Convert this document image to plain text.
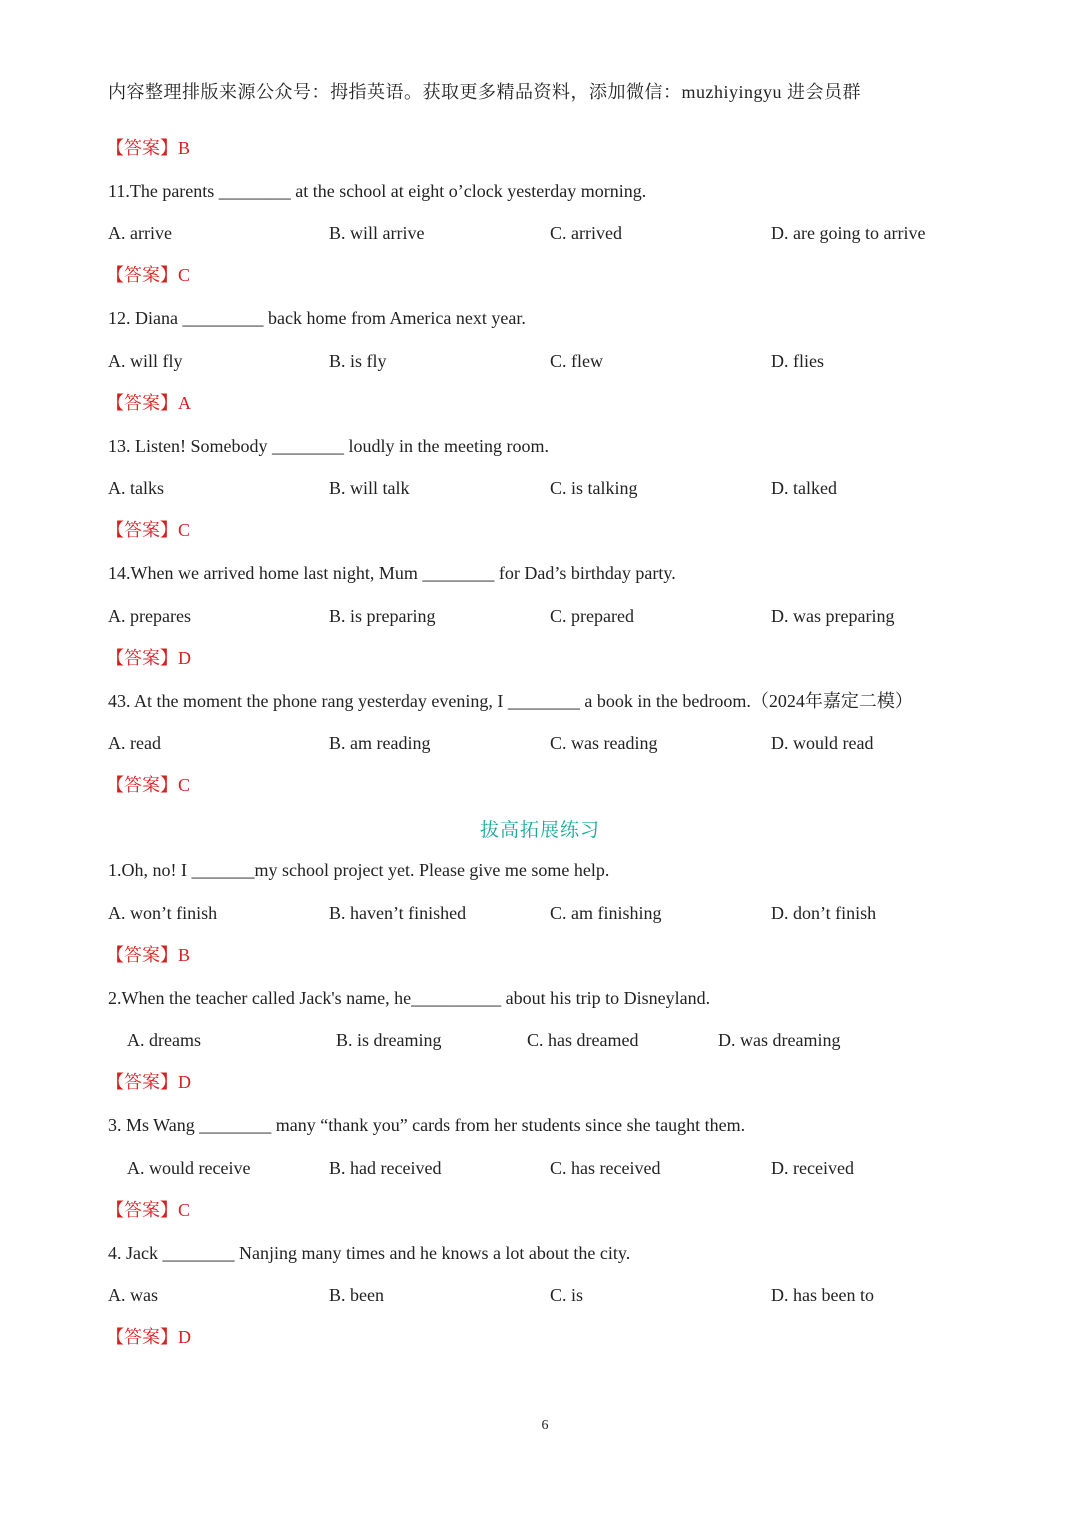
内容整理排版来源公众号：拇指英语。获取更多精品资料，添加微信：muzhiyingyu 进会员群
【答案】B
11.The parents ________ at the school at eight o’clock yesterday morning.
A. arrive	B. will arrive	C. arrived	D. are going to arrive
【答案】C
12. Diana _________ back home from America next year.
A. will fly	B. is fly	C. flew	D. flies
【答案】A
13. Listen! Somebody ________ loudly in the meeting room.
A. talks	B. will talk	C. is talking	D. talked
【答案】C
14.When we arrived home last night, Mum ________ for Dad’s birthday party.
A. prepares	B. is preparing	C. prepared	D. was preparing
【答案】D
43. At the moment the phone rang yesterday evening, I ________ a book in the bedroom.（2024年嘉定二模）
A. read	B. am reading	C. was reading	D. would read
【答案】C
拔高拓展练习
1.Oh, no! I _______my school project yet. Please give me some help.
A. won’t finish	B. haven’t finished	C. am finishing	D. don’t finish
【答案】B
2.When the teacher called Jack's name, he__________ about his trip to Disneyland.
A. dreams	B. is dreaming	C. has dreamed	D. was dreaming
【答案】D
3. Ms Wang ________ many “thank you” cards from her students since she taught them.
A. would receive	B. had received	C. has received	D. received
【答案】C
4. Jack ________ Nanjing many times and he knows a lot about the city.
A. was	B. been	C. is	D. has been to
【答案】D
6
